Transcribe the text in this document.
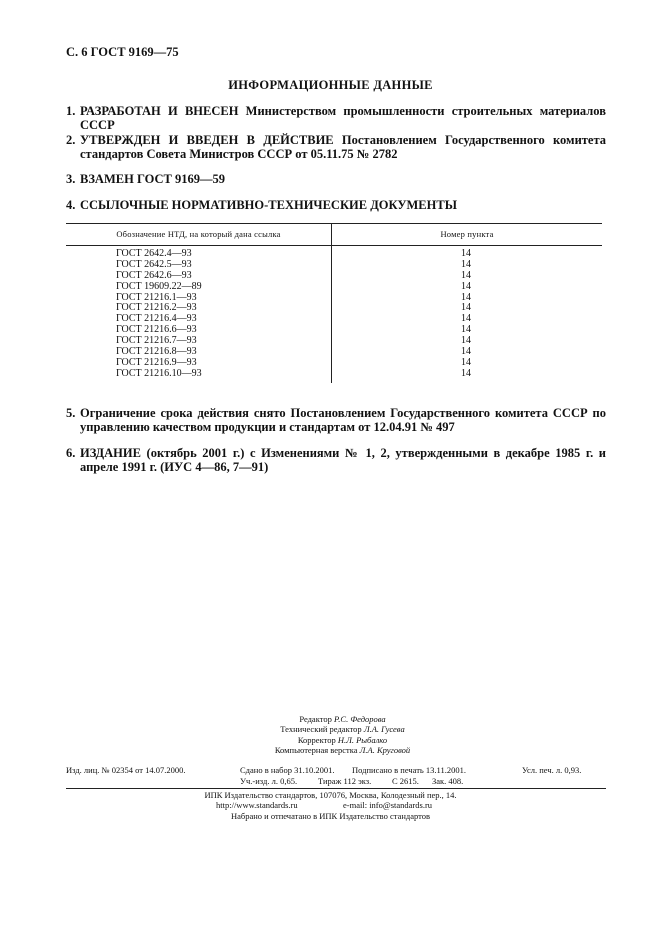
С. 6 ГОСТ 9169—75
ИНФОРМАЦИОННЫЕ ДАННЫЕ
1. РАЗРАБОТАН И ВНЕСЕН Министерством промышленности строительных материалов СССР
2. УТВЕРЖДЕН И ВВЕДЕН В ДЕЙСТВИЕ Постановлением Государственного комитета стандартов Совета Министров СССР от 05.11.75 № 2782
3. ВЗАМЕН ГОСТ 9169—59
4. ССЫЛОЧНЫЕ НОРМАТИВНО-ТЕХНИЧЕСКИЕ ДОКУМЕНТЫ
Обозначение НТД, на который дана ссылка	Номер пункта
ГОСТ 2642.4—93	14
ГОСТ 2642.5—93	14
ГОСТ 2642.6—93	14
ГОСТ 19609.22—89	14
ГОСТ 21216.1—93	14
ГОСТ 21216.2—93	14
ГОСТ 21216.4—93	14
ГОСТ 21216.6—93	14
ГОСТ 21216.7—93	14
ГОСТ 21216.8—93	14
ГОСТ 21216.9—93	14
ГОСТ 21216.10—93	14
5. Ограничение срока действия снято Постановлением Государственного комитета СССР по управлению качеством продукции и стандартам от 12.04.91 № 497
6. ИЗДАНИЕ (октябрь 2001 г.) с Изменениями № 1, 2, утвержденными в декабре 1985 г. и апреле 1991 г. (ИУС 4—86, 7—91)
Редактор Р.С. Федорова
Технический редактор Л.А. Гусева
Корректор Н.Л. Рыбалко
Компьютерная верстка Л.А. Круговой
Изд. лиц. № 02354 от 14.07.2000.	Сдано в набор 31.10.2001. Подписано в печать 13.11.2001.	Усл. печ. л. 0,93.
Уч.-изд. л. 0,65. Тираж 112 экз. С 2615. Зак. 408.
ИПК Издательство стандартов, 107076, Москва, Колодезный пер., 14.
http://www.standards.ru	e-mail: info@standards.ru
Набрано и отпечатано в ИПК Издательство стандартов
